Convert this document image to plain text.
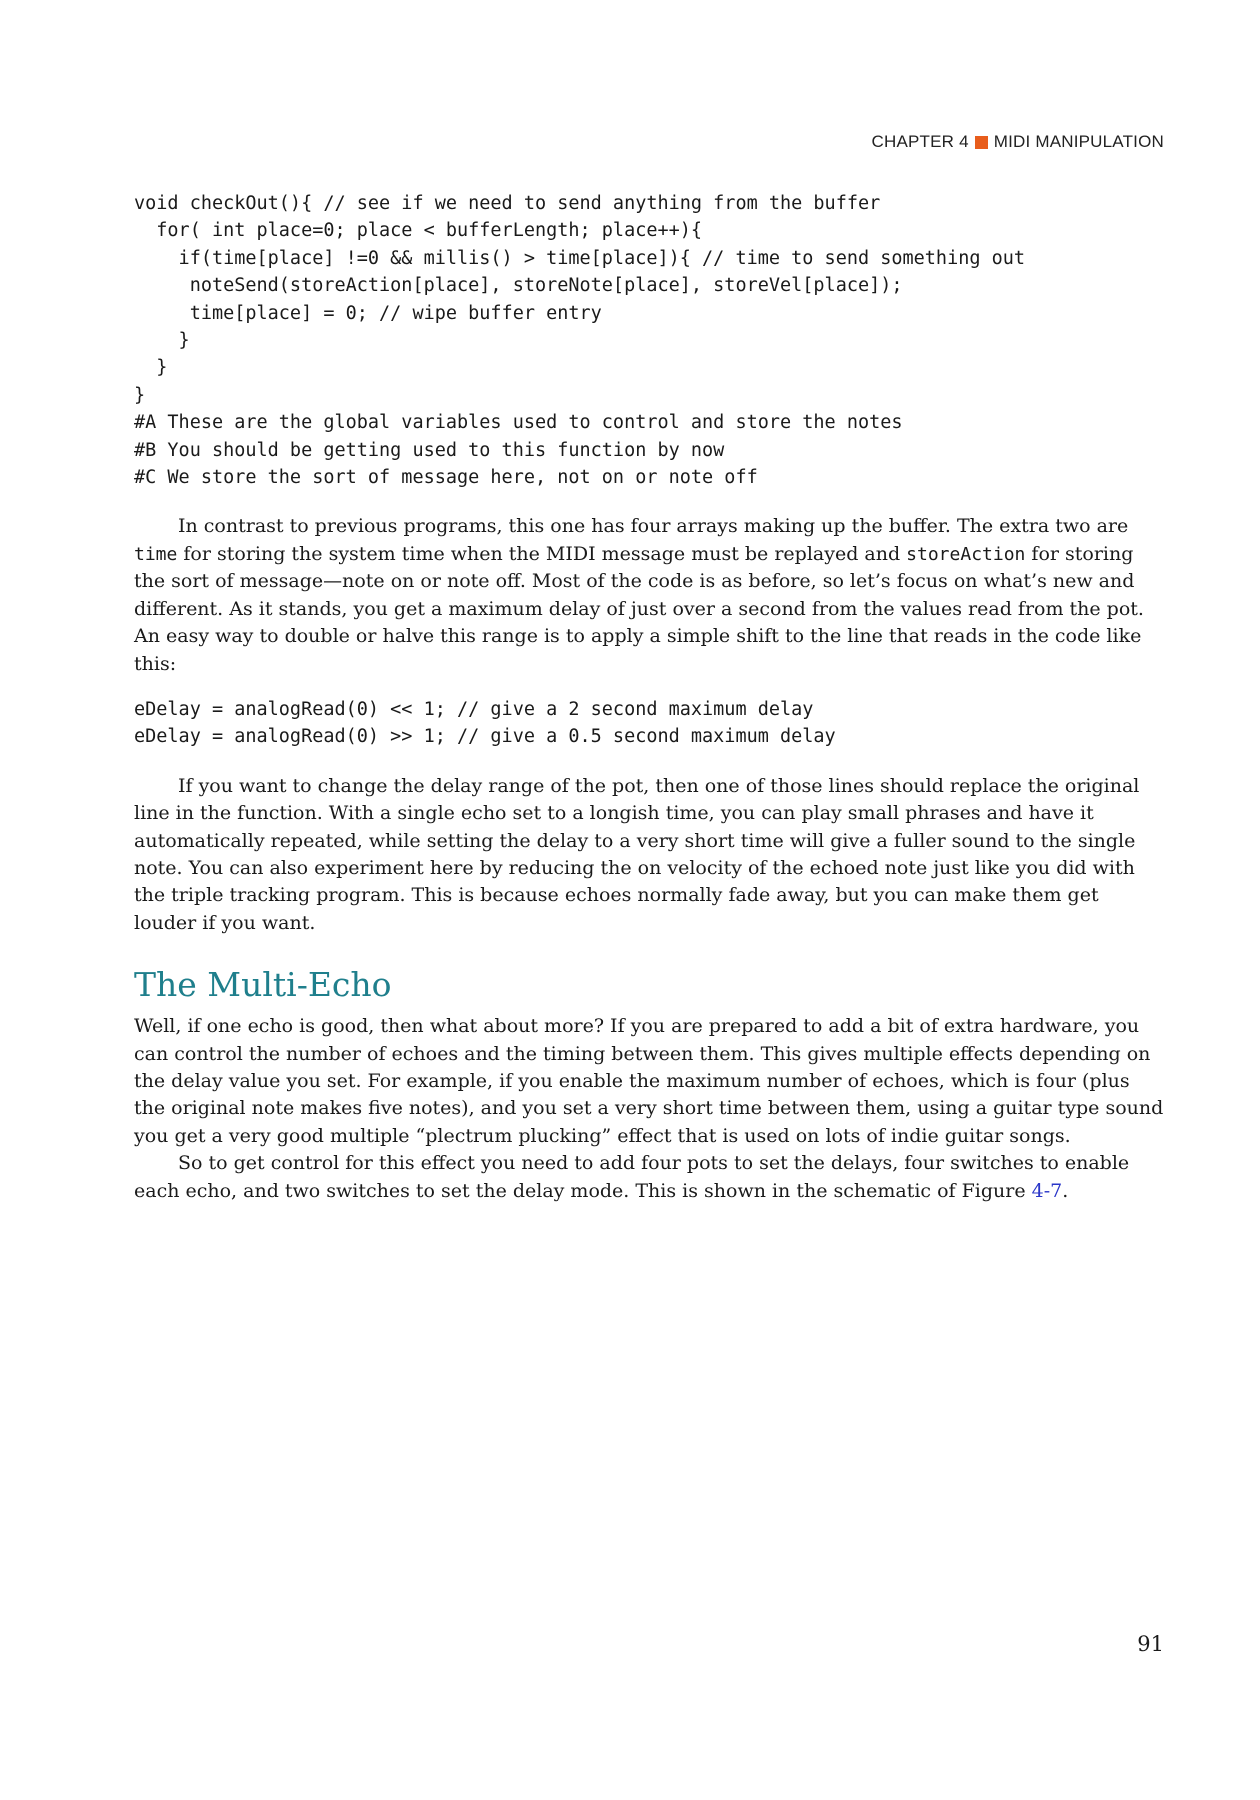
CHAPTER 4 MIDI MANIPULATION
void checkOut(){ // see if we need to send anything from the buffer
for( int place=0; place < bufferLength; place++){
if(time[place] !=0 && millis() > time[place]){ // time to send something out
noteSend(storeAction[place], storeNote[place], storeVel[place]);
time[place] = 0; // wipe buffer entry
}
}
}
#A These are the global variables used to control and store the notes
#B You should be getting used to this function by now
#C We store the sort of message here, not on or note off

In contrast to previous programs, this one has four arrays making up the buffer. The extra two are time for storing the system time when the MIDI message must be replayed and storeAction for storing the sort of message—note on or note off. Most of the code is as before, so let’s focus on what’s new and different. As it stands, you get a maximum delay of just over a second from the values read from the pot. An easy way to double or halve this range is to apply a simple shift to the line that reads in the code like this:

eDelay = analogRead(0) << 1; // give a 2 second maximum delay
eDelay = analogRead(0) >> 1; // give a 0.5 second maximum delay

If you want to change the delay range of the pot, then one of those lines should replace the original line in the function. With a single echo set to a longish time, you can play small phrases and have it automatically repeated, while setting the delay to a very short time will give a fuller sound to the single note. You can also experiment here by reducing the on velocity of the echoed note just like you did with the triple tracking program. This is because echoes normally fade away, but you can make them get louder if you want.

The Multi-Echo

Well, if one echo is good, then what about more? If you are prepared to add a bit of extra hardware, you can control the number of echoes and the timing between them. This gives multiple effects depending on the delay value you set. For example, if you enable the maximum number of echoes, which is four (plus the original note makes five notes), and you set a very short time between them, using a guitar type sound you get a very good multiple “plectrum plucking” effect that is used on lots of indie guitar songs.

So to get control for this effect you need to add four pots to set the delays, four switches to enable each echo, and two switches to set the delay mode. This is shown in the schematic of Figure 4-7.

91
